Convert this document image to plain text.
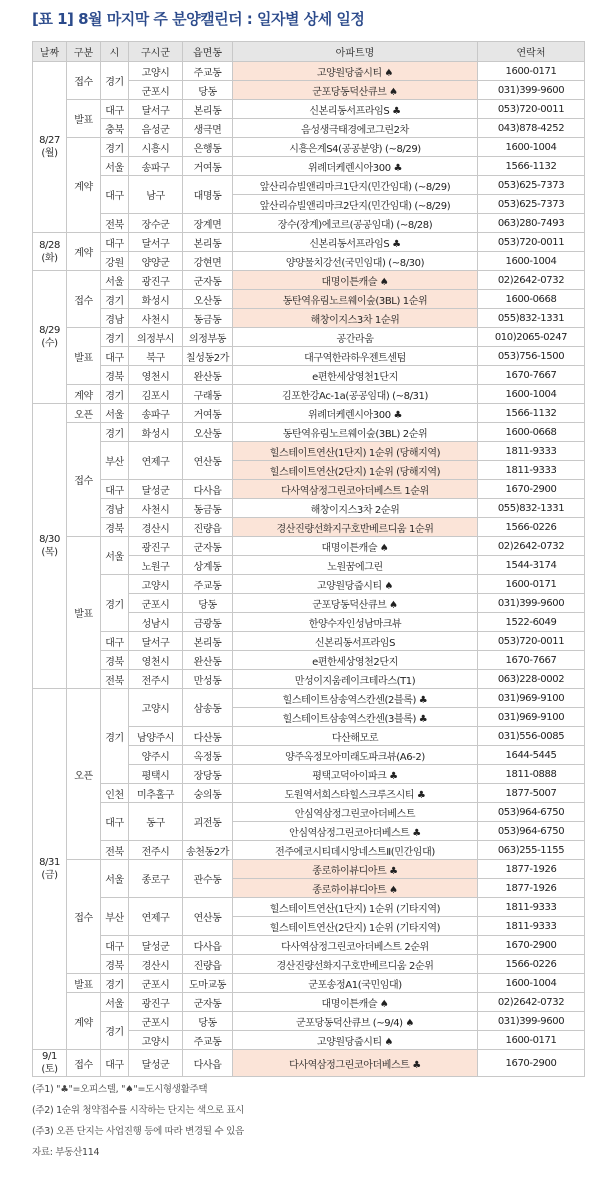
[표 1] 8월 마지막 주 분양캘린더 : 일자별 상세 일정
날짜	구분	시	구시군	읍면동	아파트명	연락처
8/27
(월)	접수	경기	고양시	주교동	고양원당줍시티 ♠	1600-0171
			군포시	당동	군포당동덕산큐브 ♠	031)399-9600
	발표	대구	달서구	본리동	신본리동서프라임S ♣	053)720-0011
		충북	음성군	생극면	음성생극태경에코그린2차	043)878-4252
	계약	경기	시흥시	은행동	시흥은계S4(공공분양) (~8/29)	1600-1004
		서울	송파구	거여동	위례더케렌시아300 ♣	1566-1132
		대구	남구	대명동	앞산리슈빌앤리마크1단지(민간임대) (~8/29)	053)625-7373
					앞산리슈빌앤리마크2단지(민간임대) (~8/29)	053)625-7373
		전북	장수군	장계면	장수(장계)에코르(공공임대) (~8/28)	063)280-7493
8/28
(화)	계약	대구	달서구	본리동	신본리동서프라임S ♣	053)720-0011
		강원	양양군	강현면	양양물치강선(국민임대) (~8/30)	1600-1004
8/29
(수)	접수	서울	광진구	군자동	대명이튼캐슬 ♠	02)2642-0732
		경기	화성시	오산동	동탄역유림노르웨이숲(3BL) 1순위	1600-0668
		경남	사천시	동금동	해창이지스3차 1순위	055)832-1331
	발표	경기	의정부시	의정부동	공간라움	010)2065-0247
		대구	북구	칠성동2가	대구역한라하우젠트센텀	053)756-1500
		경북	영천시	완산동	e편한세상영천1단지	1670-7667
	계약	경기	김포시	구래동	김포한강Ac-1a(공공임대) (~8/31)	1600-1004
8/30
(목)	오픈	서울	송파구	거여동	위례더케렌시아300 ♣	1566-1132
	접수	경기	화성시	오산동	동탄역유림노르웨이숲(3BL) 2순위	1600-0668
		부산	연제구	연산동	힐스테이트연산(1단지) 1순위 (당해지역)	1811-9333
					힐스테이트연산(2단지) 1순위 (당해지역)	1811-9333
		대구	달성군	다사읍	다사역삼정그린코아더베스트 1순위	1670-2900
		경남	사천시	동금동	해창이지스3차 2순위	055)832-1331
		경북	경산시	진량읍	경산진량선화지구호반베르디움 1순위	1566-0226
	발표	서울	광진구	군자동	대명이튼캐슬 ♠	02)2642-0732
			노원구	상계동	노원꿈에그린	1544-3174
		경기	고양시	주교동	고양원당줍시티 ♠	1600-0171
			군포시	당동	군포당동덕산큐브 ♠	031)399-9600
			성남시	금광동	한양수자인성남마크뷰	1522-6049
		대구	달서구	본리동	신본리동서프라임S	053)720-0011
		경북	영천시	완산동	e편한세상영천2단지	1670-7667
		전북	전주시	만성동	만성이지움레이크테라스(T1)	063)228-0002
8/31
(금)	오픈	경기	고양시	삼송동	힐스테이트삼송역스칸센(2블록) ♣	031)969-9100
					힐스테이트삼송역스칸센(3블록) ♣	031)969-9100
			남양주시	다산동	다산해모로	031)556-0085
			양주시	옥정동	양주옥정모아미래도파크뷰(A6-2)	1644-5445
			평택시	장당동	평택고덕아이파크 ♣	1811-0888
		인천	미추홀구	숭의동	도원역서희스타힐스크루즈시티 ♣	1877-5007
		대구	동구	괴전동	안심역삼정그린코아더베스트	053)964-6750
					안심역삼정그린코아더베스트 ♣	053)964-6750
		전북	전주시	송천동2가	전주에코시티데시앙네스트Ⅱ(민간임대)	063)255-1155
	접수	서울	종로구	관수동	종로하이뷰디아트 ♣	1877-1926
					종로하이뷰디아트 ♠	1877-1926
		부산	연제구	연산동	힐스테이트연산(1단지) 1순위 (기타지역)	1811-9333
					힐스테이트연산(2단지) 1순위 (기타지역)	1811-9333
		대구	달성군	다사읍	다사역삼정그린코아더베스트 2순위	1670-2900
		경북	경산시	진량읍	경산진량선화지구호반베르디움 2순위	1566-0226
	발표	경기	군포시	도마교동	군포송정A1(국민임대)	1600-1004
	계약	서울	광진구	군자동	대명이튼캐슬 ♠	02)2642-0732
		경기	군포시	당동	군포당동덕산큐브 (~9/4) ♠	031)399-9600
			고양시	주교동	고양원당줍시티 ♠	1600-0171
9/1
(토)	접수	대구	달성군	다사읍	다사역삼정그린코아더베스트 ♣	1670-2900
(주1) "♣"=오피스텔, "♠"=도시형생활주택
(주2) 1순위 청약접수를 시작하는 단지는 색으로 표시
(주3) 오픈 단지는 사업진행 등에 따라 변경될 수 있음
자료: 부동산114
